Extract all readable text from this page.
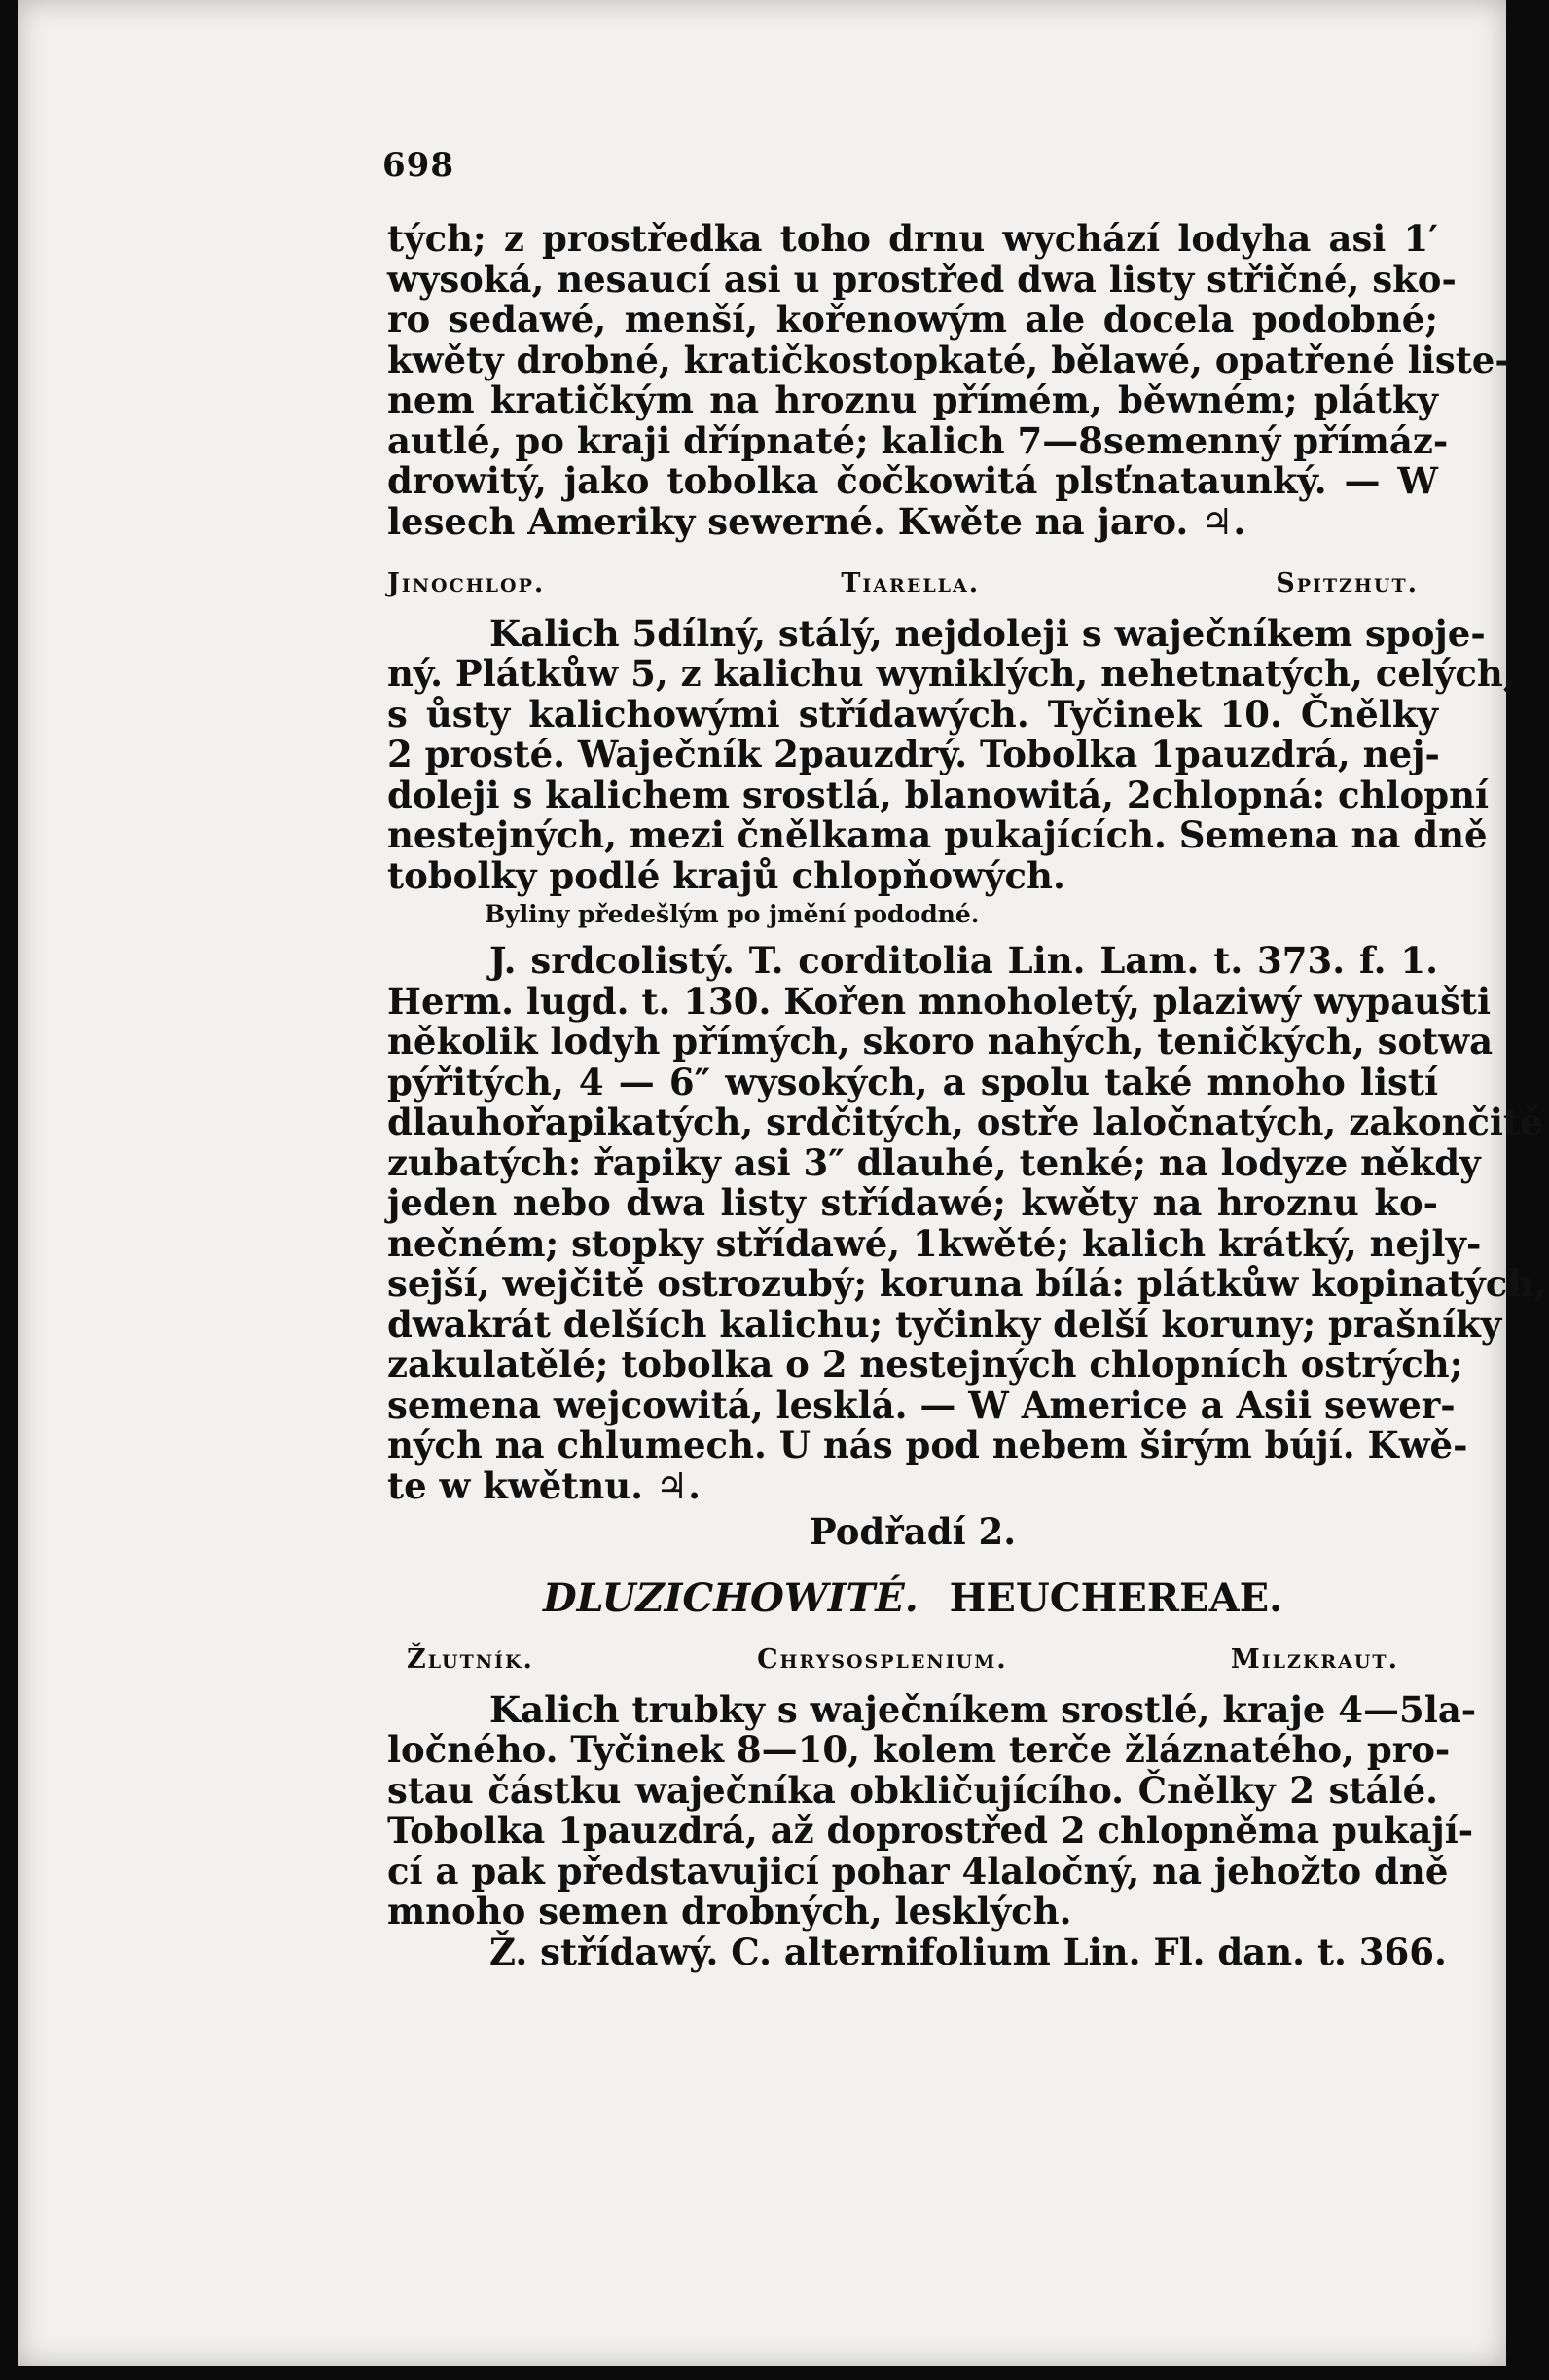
698
tých; z prostředka toho drnu wychází lodyha asi 1′
wysoká, nesaucí asi u prostřed dwa listy střičné, sko-
ro sedawé, menší, kořenowým ale docela podobné;
kwěty drobné, kratičkostopkaté, bělawé, opatřené liste-
nem kratičkým na hroznu přímém, běwném; plátky
autlé, po kraji dřípnaté; kalich 7—8semenný přímáz-
drowitý, jako tobolka čočkowitá plsťnataunký. — W
lesech Ameriky sewerné. Kwěte na jaro. ♃.
Jinochlop.	Tiarella.	Spitzhut.
Kalich 5dílný, stálý, nejdoleji s waječníkem spoje-
ný. Plátkůw 5, z kalichu wyniklých, nehetnatých, celých,
s ůsty kalichowými střídawých. Tyčinek 10. Čnělky
2 prosté. Waječník 2pauzdrý. Tobolka 1pauzdrá, nej-
doleji s kalichem srostlá, blanowitá, 2chlopná: chlopní
nestejných, mezi čnělkama pukajících. Semena na dně
tobolky podlé krajů chlopňowých.
Byliny předešlým po jmění pododné.
J. srdcolistý. T. corditolia Lin. Lam. t. 373. f. 1.
Herm. lugd. t. 130. Kořen mnoholetý, plaziwý wypaušti
několik lodyh přímých, skoro nahých, teničkých, sotwa
pýřitých, 4 — 6″ wysokých, a spolu také mnoho listí
dlauhořapikatých, srdčitých, ostře laločnatých, zakončitě
zubatých: řapiky asi 3″ dlauhé, tenké; na lodyze někdy
jeden nebo dwa listy střídawé; kwěty na hroznu ko-
nečném; stopky střídawé, 1kwěté; kalich krátký, nejly-
sejší, wejčitě ostrozubý; koruna bílá: plátkůw kopinatých,
dwakrát delších kalichu; tyčinky delší koruny; prašníky
zakulatělé; tobolka o 2 nestejných chlopních ostrých;
semena wejcowitá, lesklá. — W Americe a Asii sewer-
ných na chlumech. U nás pod nebem širým bújí. Kwě-
te w kwětnu. ♃.
Podřadí 2.
DLUZICHOWITÉ. HEUCHEREAE.
Žlutník.	Chrysosplenium.	Milzkraut.
Kalich trubky s waječníkem srostlé, kraje 4—5la-
ločného. Tyčinek 8—10, kolem terče žláznatého, pro-
stau částku waječníka obkličujícího. Čnělky 2 stálé.
Tobolka 1pauzdrá, až doprostřed 2 chlopněma pukají-
cí a pak představujicí pohar 4laločný, na jehožto dně
mnoho semen drobných, lesklých.
Ž. střídawý. C. alternifolium Lin. Fl. dan. t. 366.
